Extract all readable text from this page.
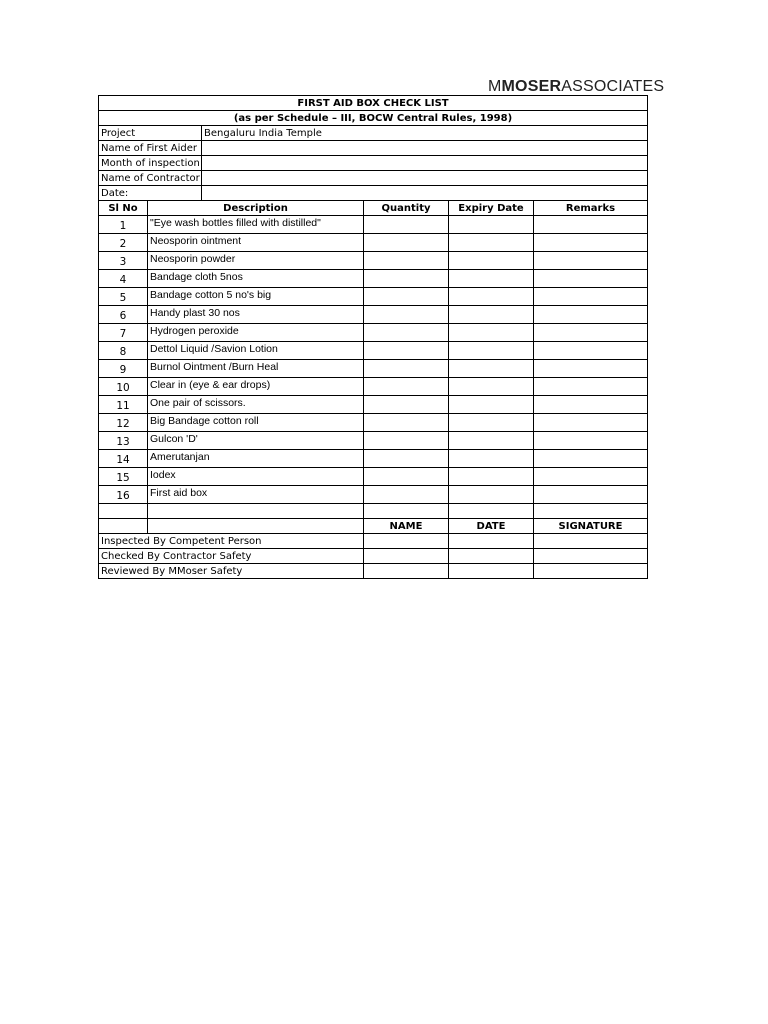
MMOSERASSOCIATES
FIRST AID BOX CHECK LIST					
(as per Schedule – III, BOCW Central Rules, 1998)					
Project		Bengaluru India Temple			
Name of First Aider					
Month of inspection					
Name of Contractor					
Date:					
Sl No	Description		Quantity	Expiry Date	Remarks
1	"Eye wash bottles filled with distilled"				
2	Neosporin ointment				
3	Neosporin powder				
4	Bandage cloth 5nos				
5	Bandage cotton 5 no's big				
6	Handy plast 30 nos				
7	Hydrogen peroxide				
8	Dettol Liquid /Savion Lotion				
9	Burnol Ointment /Burn Heal				
10	Clear in (eye & ear drops)				
11	One pair of scissors.				
12	Big Bandage cotton roll				
13	Gulcon 'D'				
14	Amerutanjan				
15	Iodex				
16	First aid box				

			NAME	DATE	SIGNATURE
Inspected By Competent Person					
Checked By Contractor Safety					
Reviewed By MMoser Safety					
